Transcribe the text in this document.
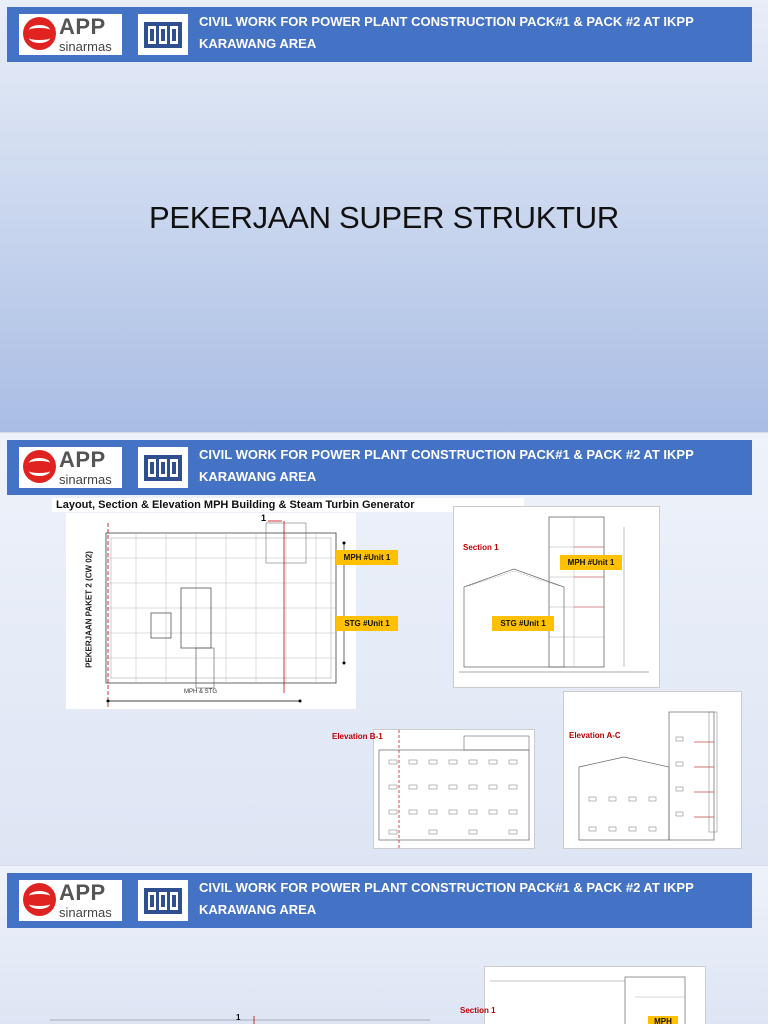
APP
sinarmas
CIVIL WORK FOR POWER PLANT CONSTRUCTION PACK#1 & PACK #2 AT IKPP KARAWANG AREA
PEKERJAAN SUPER STRUKTUR
APP
sinarmas
CIVIL WORK FOR POWER PLANT CONSTRUCTION PACK#1 & PACK #2 AT IKPP KARAWANG AREA
Layout, Section & Elevation MPH Building & Steam Turbin Generator
PEKERJAAN PAKET 2 (CW 02)
1
MPH & STG
MPH #Unit 1
STG #Unit 1
Section 1
MPH #Unit 1
STG #Unit 1
Elevation B-1	Elevation A-C
APP
sinarmas
CIVIL WORK FOR POWER PLANT CONSTRUCTION PACK#1 & PACK #2 AT IKPP KARAWANG AREA
Section 1
MPH
1
